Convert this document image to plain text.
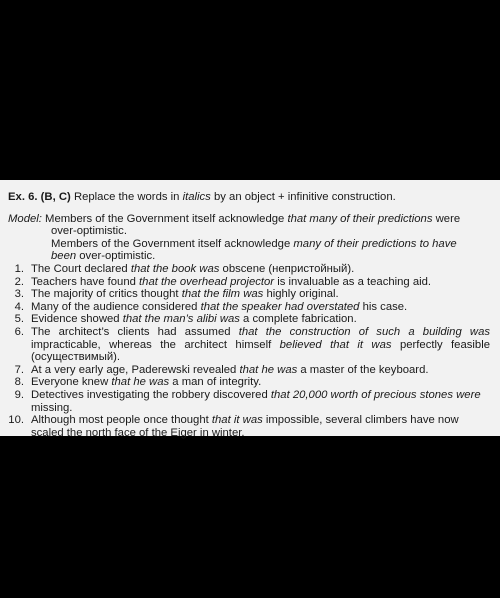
Ex. 6. (B, C) Replace the words in italics by an object + infinitive construction.

Model: Members of the Government itself acknowledge that many of their predictions were
over-optimistic.
Members of the Government itself acknowledge many of their predictions to have
been over-optimistic.
1. The Court declared that the book was obscene (непристойный).
2. Teachers have found that the overhead projector is invaluable as a teaching aid.
3. The majority of critics thought that the film was highly original.
4. Many of the audience considered that the speaker had overstated his case.
5. Evidence showed that the man’s alibi was a complete fabrication.
6. The architect’s clients had assumed that the construction of such a building was impracticable, whereas the architect himself believed that it was perfectly feasible (осуществимый).
7. At a very early age, Paderewski revealed that he was a master of the keyboard.
8. Everyone knew that he was a man of integrity.
9. Detectives investigating the robbery discovered that 20,000 worth of precious stones were missing.
10. Although most people once thought that it was impossible, several climbers have now scaled the north face of the Eiger in winter.
